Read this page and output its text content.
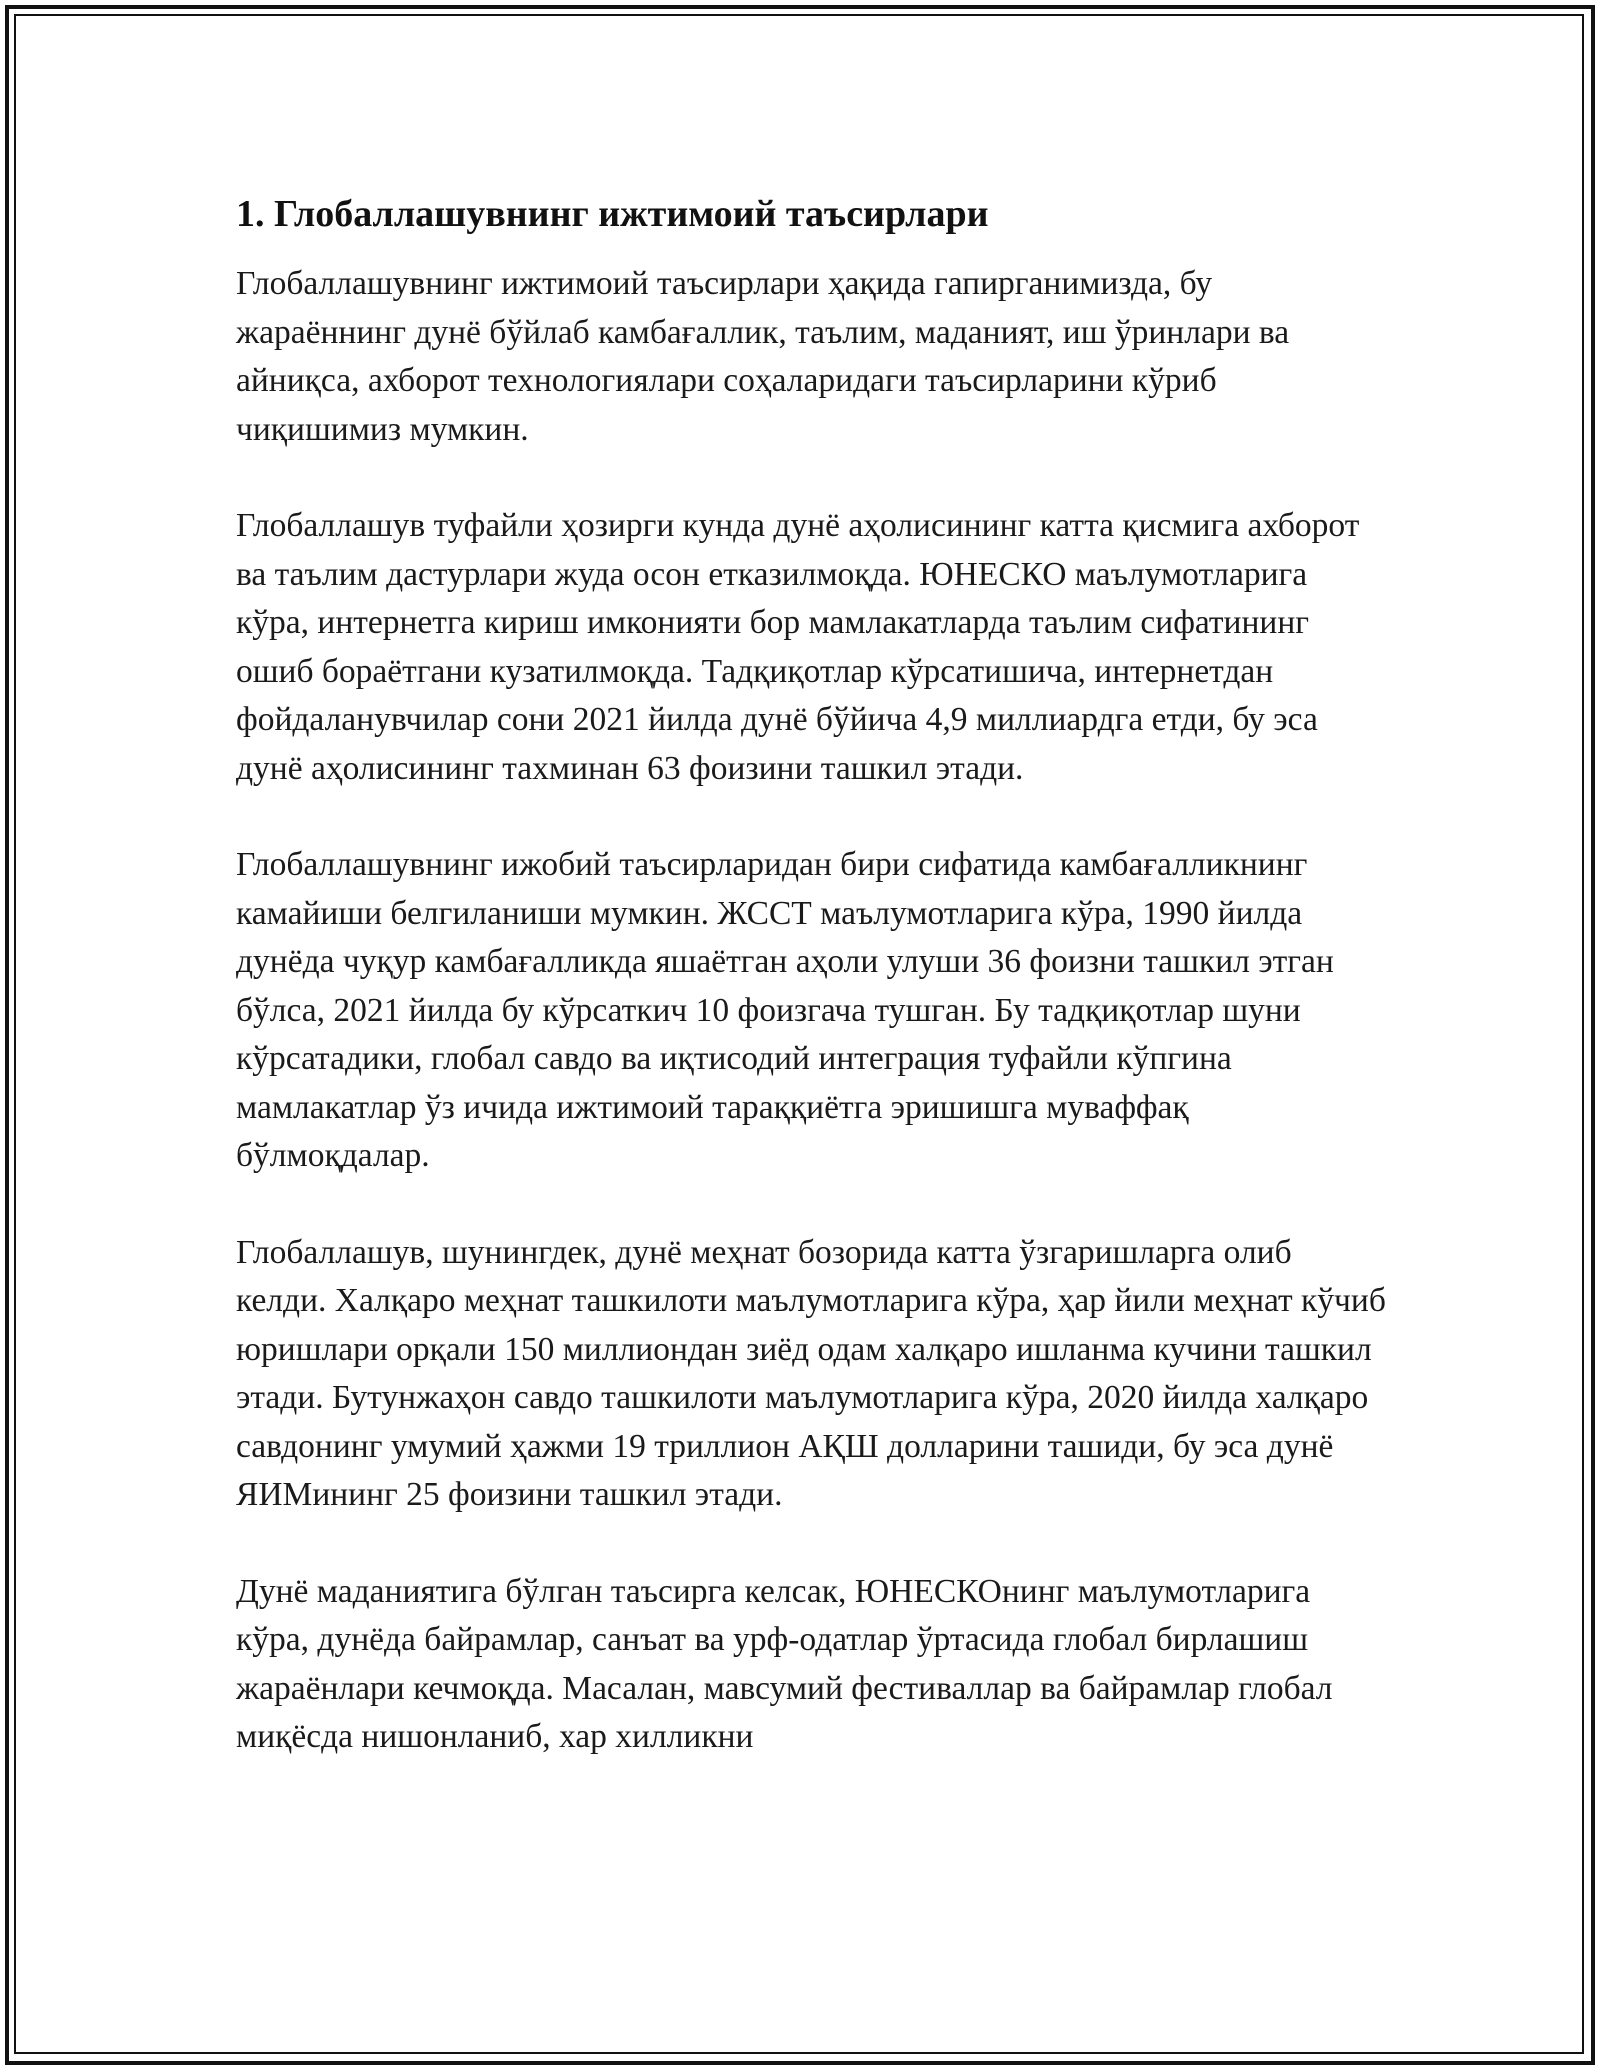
1. Глобаллашувнинг ижтимоий таъсирлари

Глобаллашувнинг ижтимоий таъсирлари ҳақида гапирганимизда, бу жараённинг дунё бўйлаб камбағаллик, таълим, маданият, иш ўринлари ва айниқса, ахборот технологиялари соҳаларидаги таъсирларини кўриб чиқишимиз мумкин.

Глобаллашув туфайли ҳозирги кунда дунё аҳолисининг катта қисмига ахборот ва таълим дастурлари жуда осон етказилмоқда. ЮНЕСКО маълумотларига кўра, интернетга кириш имконияти бор мамлакатларда таълим сифатининг ошиб бораётгани кузатилмоқда. Тадқиқотлар кўрсатишича, интернетдан фойдаланувчилар сони 2021 йилда дунё бўйича 4,9 миллиардга етди, бу эса дунё аҳолисининг тахминан 63 фоизини ташкил этади.

Глобаллашувнинг ижобий таъсирларидан бири сифатида камбағалликнинг камайиши белгиланиши мумкин. ЖССТ маълумотларига кўра, 1990 йилда дунёда чуқур камбағалликда яшаётган аҳоли улуши 36 фоизни ташкил этган бўлса, 2021 йилда бу кўрсаткич 10 фоизгача тушган. Бу тадқиқотлар шуни кўрсатадики, глобал савдо ва иқтисодий интеграция туфайли кўпгина мамлакатлар ўз ичида ижтимоий тараққиётга эришишга муваффақ бўлмоқдалар.

Глобаллашув, шунингдек, дунё меҳнат бозорида катта ўзгаришларга олиб келди. Халқаро меҳнат ташкилоти маълумотларига кўра, ҳар йили меҳнат кўчиб юришлари орқали 150 миллиондан зиёд одам халқаро ишланма кучини ташкил этади. Бутунжаҳон савдо ташкилоти маълумотларига кўра, 2020 йилда халқаро савдонинг умумий ҳажми 19 триллион АҚШ долларини ташиди, бу эса дунё ЯИМининг 25 фоизини ташкил этади.

Дунё маданиятига бўлган таъсирга келсак, ЮНЕСКОнинг маълумотларига кўра, дунёда байрамлар, санъат ва урф-одатлар ўртасида глобал бирлашиш жараёнлари кечмоқда. Масалан, мавсумий фестиваллар ва байрамлар глобал миқёсда нишонланиб, хар хилликни
